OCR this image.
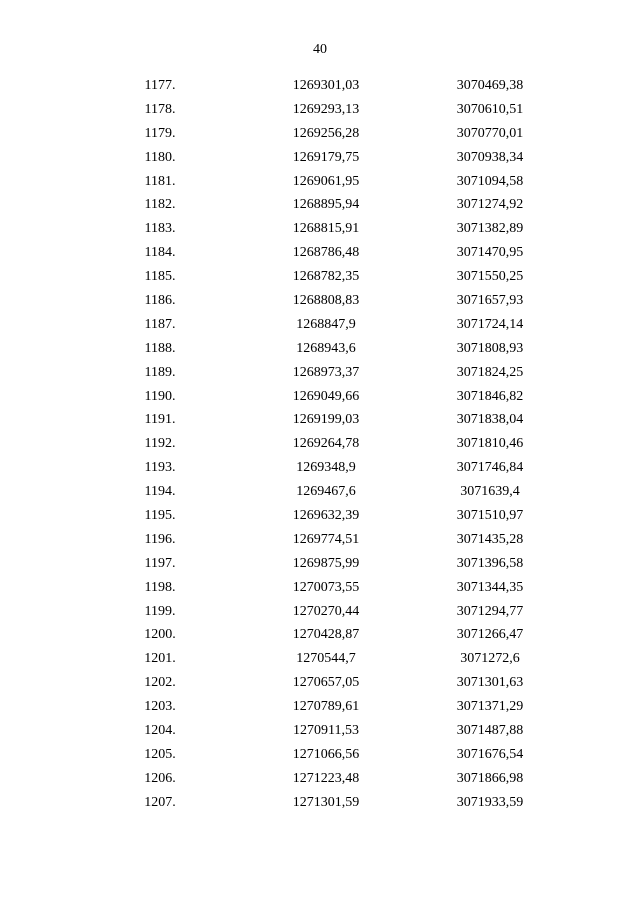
40
1177.	1269301,03	3070469,38
1178.	1269293,13	3070610,51
1179.	1269256,28	3070770,01
1180.	1269179,75	3070938,34
1181.	1269061,95	3071094,58
1182.	1268895,94	3071274,92
1183.	1268815,91	3071382,89
1184.	1268786,48	3071470,95
1185.	1268782,35	3071550,25
1186.	1268808,83	3071657,93
1187.	1268847,9	3071724,14
1188.	1268943,6	3071808,93
1189.	1268973,37	3071824,25
1190.	1269049,66	3071846,82
1191.	1269199,03	3071838,04
1192.	1269264,78	3071810,46
1193.	1269348,9	3071746,84
1194.	1269467,6	3071639,4
1195.	1269632,39	3071510,97
1196.	1269774,51	3071435,28
1197.	1269875,99	3071396,58
1198.	1270073,55	3071344,35
1199.	1270270,44	3071294,77
1200.	1270428,87	3071266,47
1201.	1270544,7	3071272,6
1202.	1270657,05	3071301,63
1203.	1270789,61	3071371,29
1204.	1270911,53	3071487,88
1205.	1271066,56	3071676,54
1206.	1271223,48	3071866,98
1207.	1271301,59	3071933,59
